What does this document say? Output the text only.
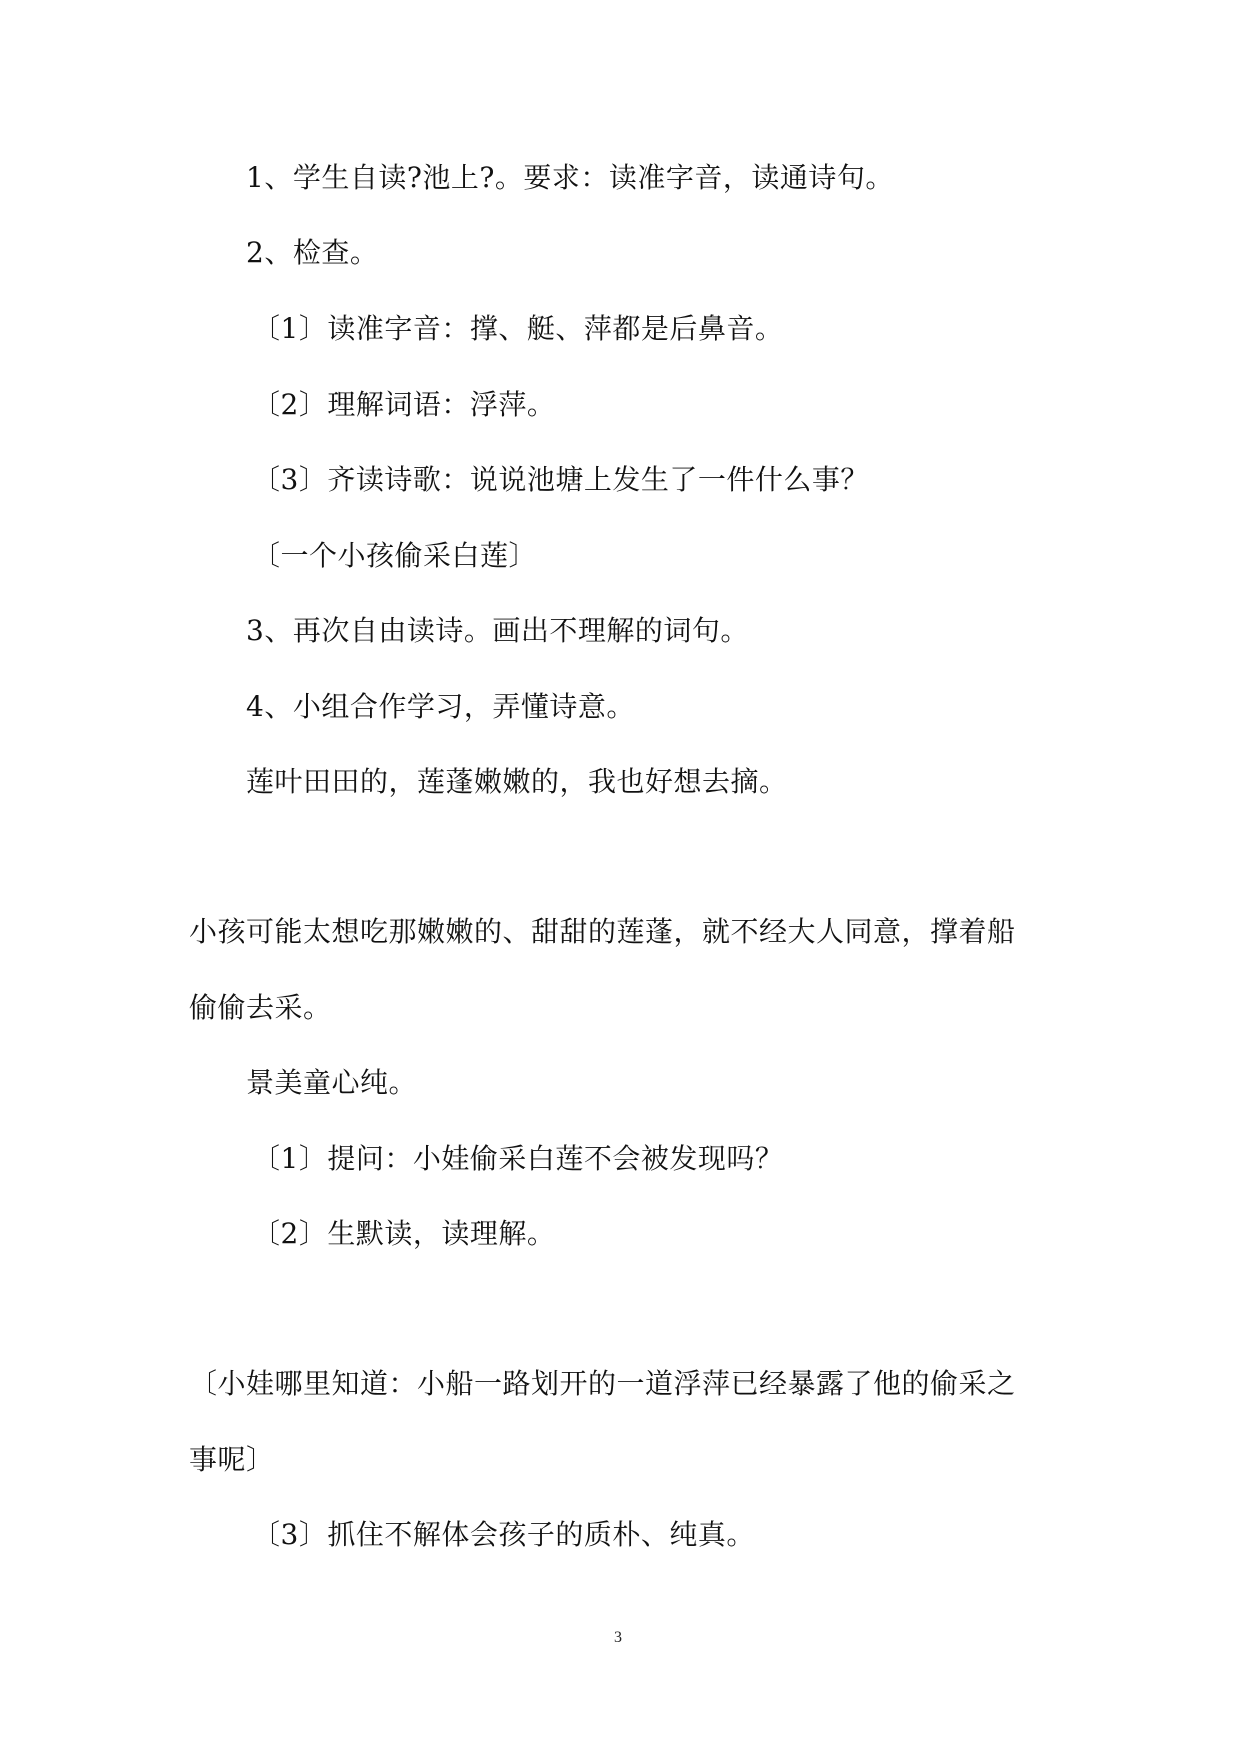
1、学生自读?池上?。要求：读准字音，读通诗句。
2、检查。
〔1〕读准字音：撑、艇、萍都是后鼻音。
〔2〕理解词语：浮萍。
〔3〕齐读诗歌：说说池塘上发生了一件什么事？
〔一个小孩偷采白莲〕
3、再次自由读诗。画出不理解的词句。
4、小组合作学习，弄懂诗意。
莲叶田田的，莲蓬嫩嫩的，我也好想去摘。
小孩可能太想吃那嫩嫩的、甜甜的莲蓬，就不经大人同意，撑着船
偷偷去采。
景美童心纯。
〔1〕提问：小娃偷采白莲不会被发现吗？
〔2〕生默读，读理解。
〔小娃哪里知道：小船一路划开的一道浮萍已经暴露了他的偷采之
事呢〕
〔3〕抓住不解体会孩子的质朴、纯真。
3
